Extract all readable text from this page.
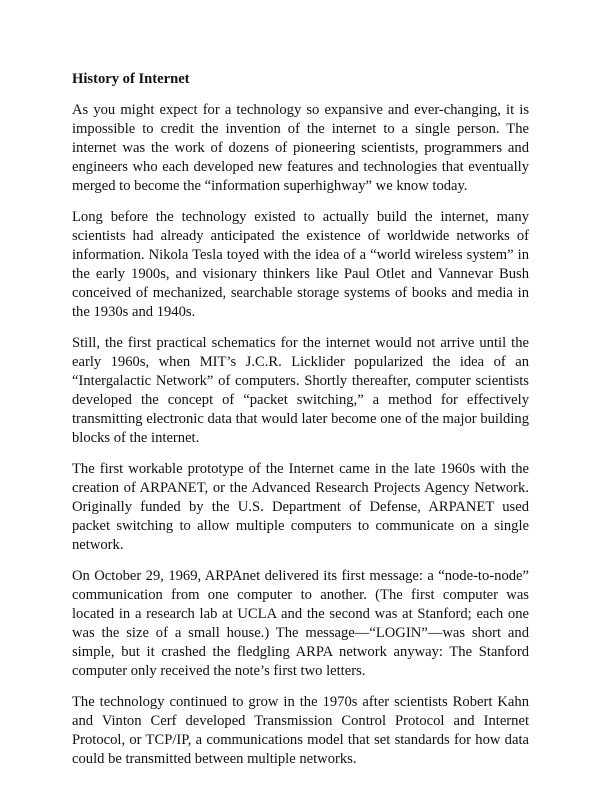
History of Internet

As you might expect for a technology so expansive and ever-changing, it is impossible to credit the invention of the internet to a single person. The internet was the work of dozens of pioneering scientists, programmers and engineers who each developed new features and technologies that eventually merged to become the “information superhighway” we know today.

Long before the technology existed to actually build the internet, many scientists had already anticipated the existence of worldwide networks of information. Nikola Tesla toyed with the idea of a “world wireless system” in the early 1900s, and visionary thinkers like Paul Otlet and Vannevar Bush conceived of mechanized, searchable storage systems of books and media in the 1930s and 1940s.

Still, the first practical schematics for the internet would not arrive until the early 1960s, when MIT’s J.C.R. Licklider popularized the idea of an “Intergalactic Network” of computers. Shortly thereafter, computer scientists developed the concept of “packet switching,” a method for effectively transmitting electronic data that would later become one of the major building blocks of the internet.

The first workable prototype of the Internet came in the late 1960s with the creation of ARPANET, or the Advanced Research Projects Agency Network. Originally funded by the U.S. Department of Defense, ARPANET used packet switching to allow multiple computers to communicate on a single network.

On October 29, 1969, ARPAnet delivered its first message: a “node-to-node” communication from one computer to another. (The first computer was located in a research lab at UCLA and the second was at Stanford; each one was the size of a small house.) The message—“LOGIN”—was short and simple, but it crashed the fledgling ARPA network anyway: The Stanford computer only received the note’s first two letters.

The technology continued to grow in the 1970s after scientists Robert Kahn and Vinton Cerf developed Transmission Control Protocol and Internet Protocol, or TCP/IP, a communications model that set standards for how data could be transmitted between multiple networks.
